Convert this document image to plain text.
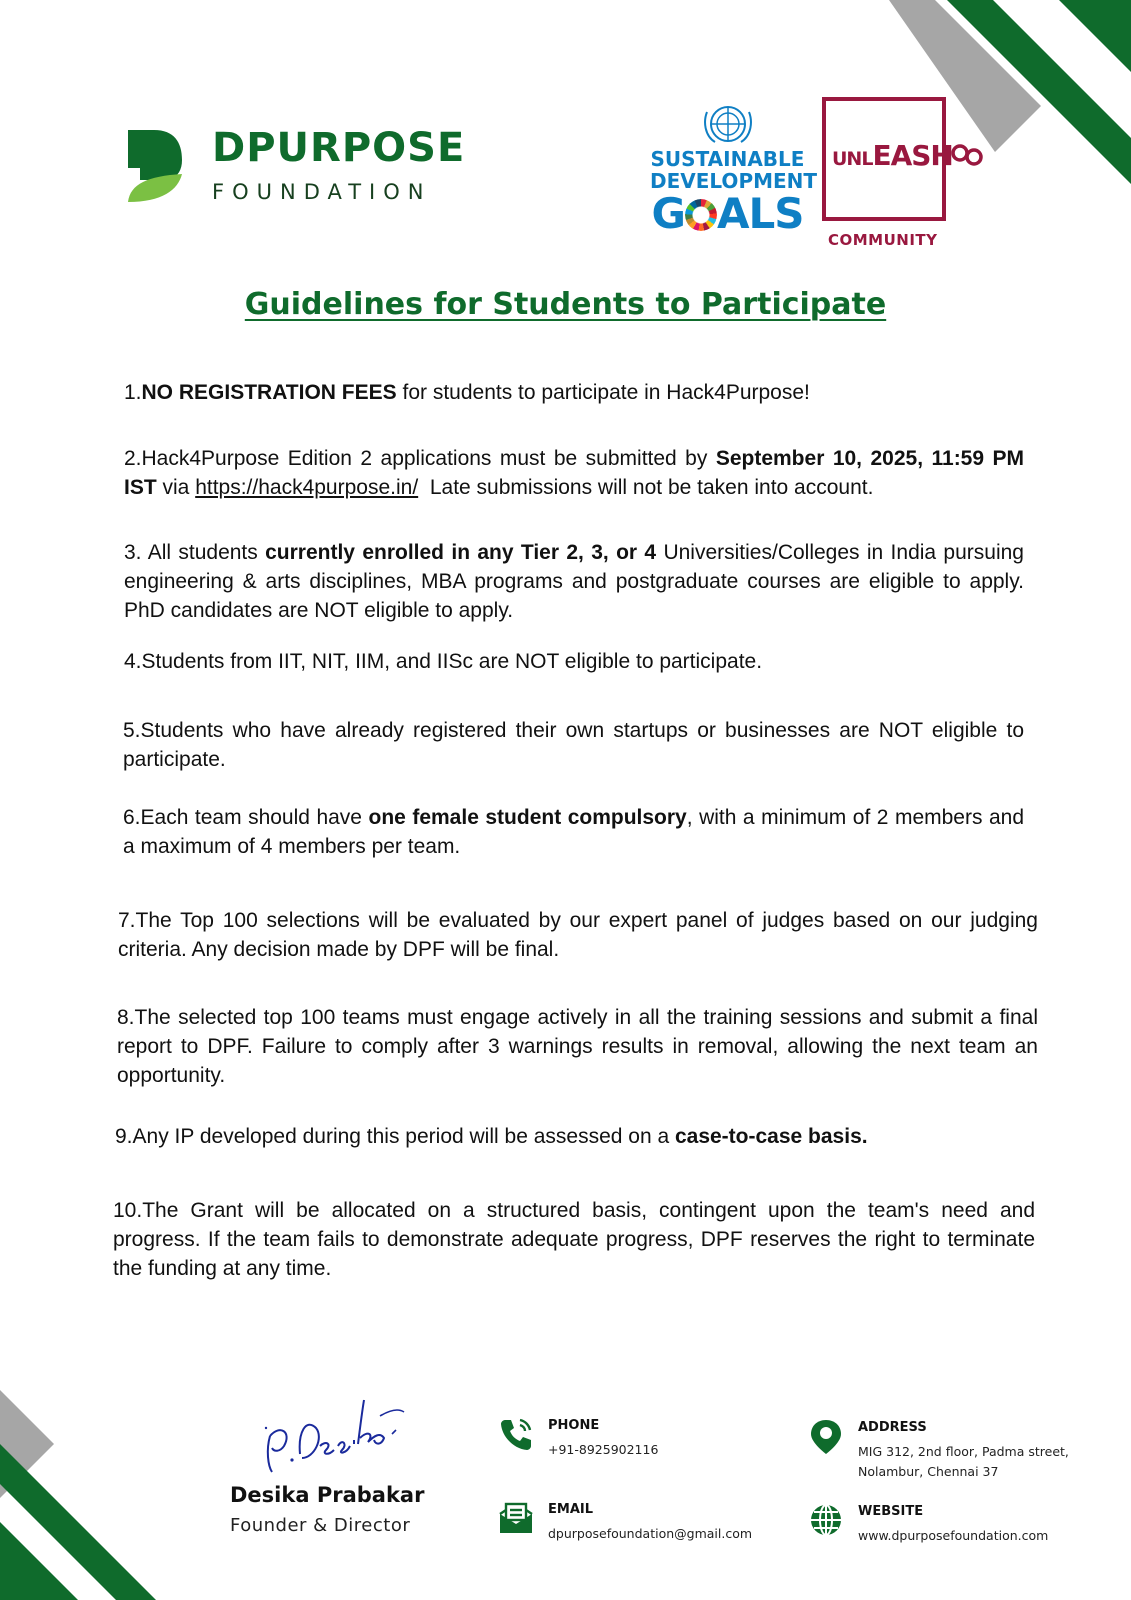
DPURPOSE
FOUNDATION
SUSTAINABLE
DEVELOPMENT
G ALS
UNLEASH
COMMUNITY
Guidelines for Students to Participate
1.NO REGISTRATION FEES for students to participate in Hack4Purpose!
2.Hack4Purpose Edition 2 applications must be submitted by September 10, 2025, 11:59 PM IST via https://hack4purpose.in/  Late submissions will not be taken into account.
3. All students currently enrolled in any Tier 2, 3, or 4 Universities/Colleges in India pursuing engineering & arts disciplines, MBA programs and postgraduate courses are eligible to apply. PhD candidates are NOT eligible to apply.
4.Students from IIT, NIT, IIM, and IISc are NOT eligible to participate.
5.Students who have already registered their own startups or businesses are NOT eligible to participate.
6.Each team should have one female student compulsory, with a minimum of 2 members and a maximum of 4 members per team.
7.The Top 100 selections will be evaluated by our expert panel of judges based on our judging criteria. Any decision made by DPF will be final.
8.The selected top 100 teams must engage actively in all the training sessions and submit a final report to DPF. Failure to comply after 3 warnings results in removal, allowing the next team an opportunity.
9.Any IP developed during this period will be assessed on a case-to-case basis.
10.The Grant will be allocated on a structured basis, contingent upon the team's need and progress. If the team fails to demonstrate adequate progress, DPF reserves the right to terminate the funding at any time.
Desika Prabakar
Founder & Director
PHONE
+91-8925902116
EMAIL
dpurposefoundation@gmail.com
ADDRESS
MIG 312, 2nd floor, Padma street,
Nolambur, Chennai 37
WEBSITE
www.dpurposefoundation.com
